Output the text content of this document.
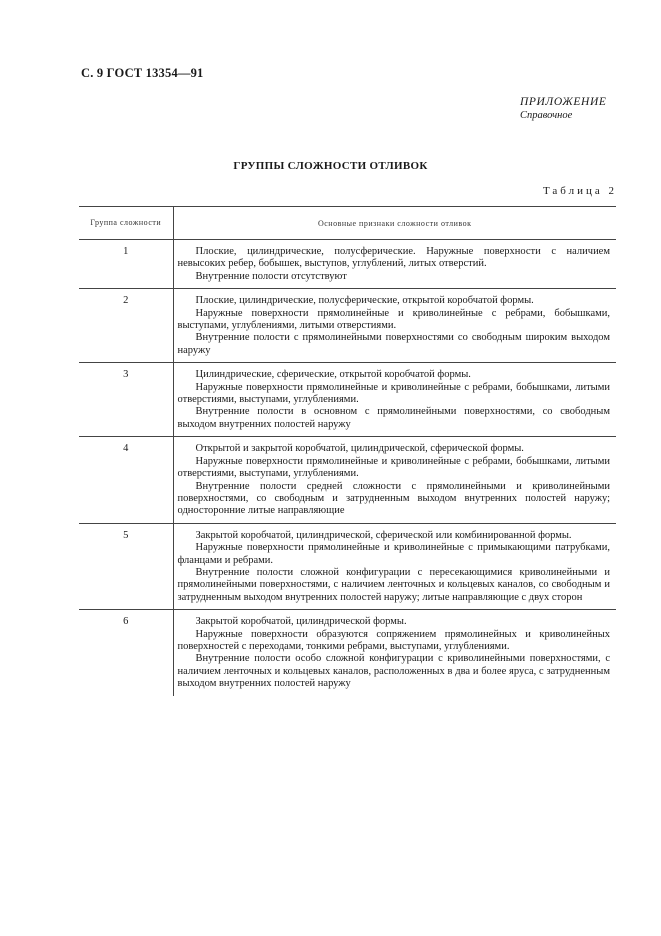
С. 9 ГОСТ 13354—91
ПРИЛОЖЕНИЕ
Справочное
ГРУППЫ СЛОЖНОСТИ ОТЛИВОК
Таблица 2
Группа сложности	Основные признаки сложности отливок
1	Плоские, цилиндрические, полусферические. Наружные поверхности с наличием невысоких ребер, бобышек, выступов, углублений, литых отверстий.

Внутренние полости отсутствуют

2	Плоские, цилиндрические, полусферические, открытой коробчатой формы.

Наружные поверхности прямолинейные и криволинейные с ребрами, бобышками, выступами, углублениями, литыми отверстиями.

Внутренние полости с прямолинейными поверхностями со свободным широким выходом наружу

3	Цилиндрические, сферические, открытой коробчатой формы.

Наружные поверхности прямолинейные и криволинейные с ребрами, бобышками, литыми отверстиями, выступами, углублениями.

Внутренние полости в основном с прямолинейными поверхностями, со свободным выходом внутренних полостей наружу

4	Открытой и закрытой коробчатой, цилиндрической, сферической формы.

Наружные поверхности прямолинейные и криволинейные с ребрами, бобышками, литыми отверстиями, выступами, углублениями.

Внутренние полости средней сложности с прямолинейными и криволинейными поверхностями, со свободным и затрудненным выходом внутренних полостей наружу; односторонние литые направляющие

5	Закрытой коробчатой, цилиндрической, сферической или комбинированной формы.

Наружные поверхности прямолинейные и криволинейные с примыкающими патрубками, фланцами и ребрами.

Внутренние полости сложной конфигурации с пересекающимися криволинейными и прямолинейными поверхностями, с наличием ленточных и кольцевых каналов, со свободным и затрудненным выходом внутренних полостей наружу; литые направляющие с двух сторон

6	Закрытой коробчатой, цилиндрической формы.

Наружные поверхности образуются сопряжением прямолинейных и криволинейных поверхностей с переходами, тонкими ребрами, выступами, углублениями.

Внутренние полости особо сложной конфигурации с криволинейными поверхностями, с наличием ленточных и кольцевых каналов, расположенных в два и более яруса, с затрудненным выходом внутренних полостей наружу
